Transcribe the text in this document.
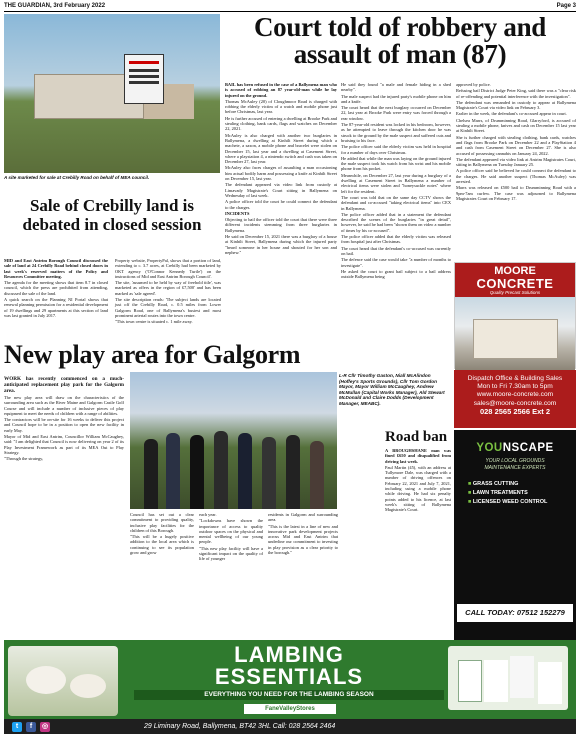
THE GUARDIAN, 3rd February 2022	Page 3
A site marketed for sale at Crebilly Road on behalf of MEA council.
Court told of robbery and assault of man (87)

BAIL has been refused in the case of a Ballymena man who is accused of robbing an 87 year-old-man while he lay injured on the ground.

Thomas McAuley (20) of Cloughmoor Road is charged with robbing the elderly victim of a watch and mobile phone just before Christmas, last year.

He is further accused of entering a dwelling at Brooke Park and stealing clothing, bank cards, flags and watches on December 22, 2021.

McAuley is also charged with another two burglaries in Ballymena, a dwelling at Kinhilt Street during which a machete, a saxon, a mobile phone and bracelet were stolen on December 15, last year and a dwelling at Casement Street, where a playstation 4, a nintendo switch and cash was taken on December 27, last year.

McAuley also faces charges of assaulting a man occasioning him actual bodily harm and possessing a knife at Kinhilt Street on December 15, last year.

The defendant appeared via video link from custody at Limavady Magistrate's Court sitting in Ballymena on Wednesday of last week.

A police officer told the court he could connect the defendant to the charges.

INCIDENTS

Objecting to bail the officer told the court that there were three different incidents stemming from three burglaries in Ballymena.

He said on December 15, 2021 there was a burglary of a house at Kinhilt Street, Ballymena during which the injured party "heard someone in her house and shouted for her son and nephew."

He said they found "a male and female hiding in a shed nearby".

The male suspect had the injured party's mobile phone on him and a knife.

The court heard that the next burglary occurred on December 22, last year at Brooke Park were entry was forced through a rear window.

The 87-year-old resident was locked in his bedroom, however, as he attempted to leave through the kitchen door he was struck to the ground by the male suspect and suffered cuts and bruising to his face.

The police officer said the elderly victim was held in hospital for a number of days over Christmas.

He added that while the man was laying on the ground injured the male suspect took his watch from his wrist and his mobile phone from his pocket.

Meanwhile, on December 27, last year during a burglary of a dwelling at Casement Street in Ballymena a number of electrical items were stolen and "honeysuckle notes" where left for the resident.

The court was told that on the same day CCTV shows the defendant and co-accused "taking electrical items" into CEX in Ballymena.

The police officer added that in a statement the defendant described the scenes of the burglaries "in great detail", however, he said he had been "shown them on video a number of times by his co-accused".

The police officer added that the elderly victim was released from hospital just after Christmas.

The court heard that the defendant's co-accused was currently on bail.

The defence said the case would take "a number of months to investigate".

He asked the court to grant bail subject to a bail address outside Ballymena being

approved by police.

Refusing bail District Judge Peter King, said there was a "clear risk of re-offending and potential interference with the investigation".

The defendant was remanded in custody to appear at Ballymena Magistrate's Court via video link on February 3.

Earlier in the week, the defendant's co-accused appear in court.

Chelsea Marrs, of Drumminning Road, Glarryford, is accused of stealing a mobile phone, knives and cash on December 15 last year at Kinhilt Street.

She is further charged with stealing clothing, bank cards, watches and flags from Brooke Park on December 22 and a PlayStation 4 and cash from Casement Street on December 27. She is also accused of possessing cannabis on January 24, 2022.

The defendant appeared via video link at Antrim Magistrates Court, sitting in Ballymena on Tuesday January 25.

A police officer said he believed he could connect the defendant to the charges. He said another suspect (Thomas McAuley) was arrested.

Marrs was released on £500 bail to Drumminning Road with a 9pm-7am curfew. The case was adjourned to Ballymena Magistrates Court on February 17.

Sale of Crebilly land is debated in closed session

MID and East Antrim Borough Council discussed the sale of land at 24 Crebilly Road behind closed doors in last week's reserved matters of the Policy and Resources Committee meeting.

The agenda for the meeting shows that item 8.7 in closed council, which the press are prohibited from attending, discussed the sale of the land.

A quick search on the Planning NI Portal shows that renewal planning permission for a residential development of 19 dwellings and 29 apartments at this section of land was last granted in July 2017.

Property website, PropertyPal, shows that a portion of land, extending to c. 3.7 acres, at Crebilly had been marketed by OKT agency ('O'Connor Kennedy Turtle') on the instructions of Mid and East Antrim Borough Council'.

The site, 'assumed to be held by way of freehold title', was marketed as offers in the region of £7,500' and has been marked as 'sale agreed'.

The site description reads: 'The subject lands are located just off the Crebilly Road, c. 0.5 miles from Lower Galgorm Road, one of Ballymena's busiest and most prominent arterial routes into the town centre.

"This town centre is situated c. 1 mile away.

MOORE
CONCRETE
Quality Precast Solutions
Dispatch Office & Building Sales
Mon to Fri 7.30am to 5pm
www.moore-concrete.com
sales@moore-concrete.com
028 2565 2566 Ext 2
New play area for Galgorm

WORK has recently commenced on a much-anticipated replacement play park for the Galgorm area.

The new play area will draw on the characteristics of the surrounding area such as the River Maine and Galgorm Castle Golf Course and will include a number of inclusive pieces of play equipment to meet the needs of children with a range of abilities.

The contractors will be on-site for 16 weeks to deliver this project and Council hope to be in a position to open the new facility in early May.

Mayor of Mid and East Antrim, Councillor William McCaughey, said: "I am delighted that Council is now delivering on year 2 of its Play Investment Framework as part of its MEA Out to Play Strategy.

"Through the strategy,

L-R Cllr Timothy Gaston, Niall McAlindon (Hoffey's Sports Grounds), Cllr Tom Gordon Mayor, Mayor William McCaughey, Andrew McMullan (Capital Works Manager), Ald Stewart McDonald and Claire Dodds (Development Manager, MEABC).

Council has set out a clear commitment to providing quality, inclusive play facilities for the children of this Borough.

"This will be a hugely positive addition to the local area which is continuing to see its population grow and grow

each year.

"Lockdowns have shown the importance of access to quality outdoor spaces on the physical and mental wellbeing of our young people.

"This new play facility will have a significant impact on the quality of life of younger

residents in Galgorm and surrounding area.

"This is the latest in a line of new and innovative park development projects across Mid and East Antrim that underline our commitment to investing in play provision as a clear priority to the borough."

Road ban

A BROUGHSHANE man was fined £650 and disqualified from driving last week.

Paul Martin (45), with an address at Tullymore Dale, was charged with a number of driving offences on February 22, 2021 and July 7, 2021, including using a mobile phone while driving. He had six penalty points added to his licence, at last week's sitting of Ballymena Magistrate's Court.

YOUNSCAPE
YOUR LOCAL GROUNDS
MAINTENANCE EXPERTS
■ GRASS CUTTING
■ LAWN TREATMENTS
■ LICENSED WEED CONTROL
CALL TODAY: 07512 152279
LAMBING
ESSENTIALS
EVERYTHING YOU NEED FOR THE LAMBING SEASON
FaneValleyStores
t	f	◎	29 Liminary Road, Ballymena, BT42 3HL Call: 028 2564 2464
